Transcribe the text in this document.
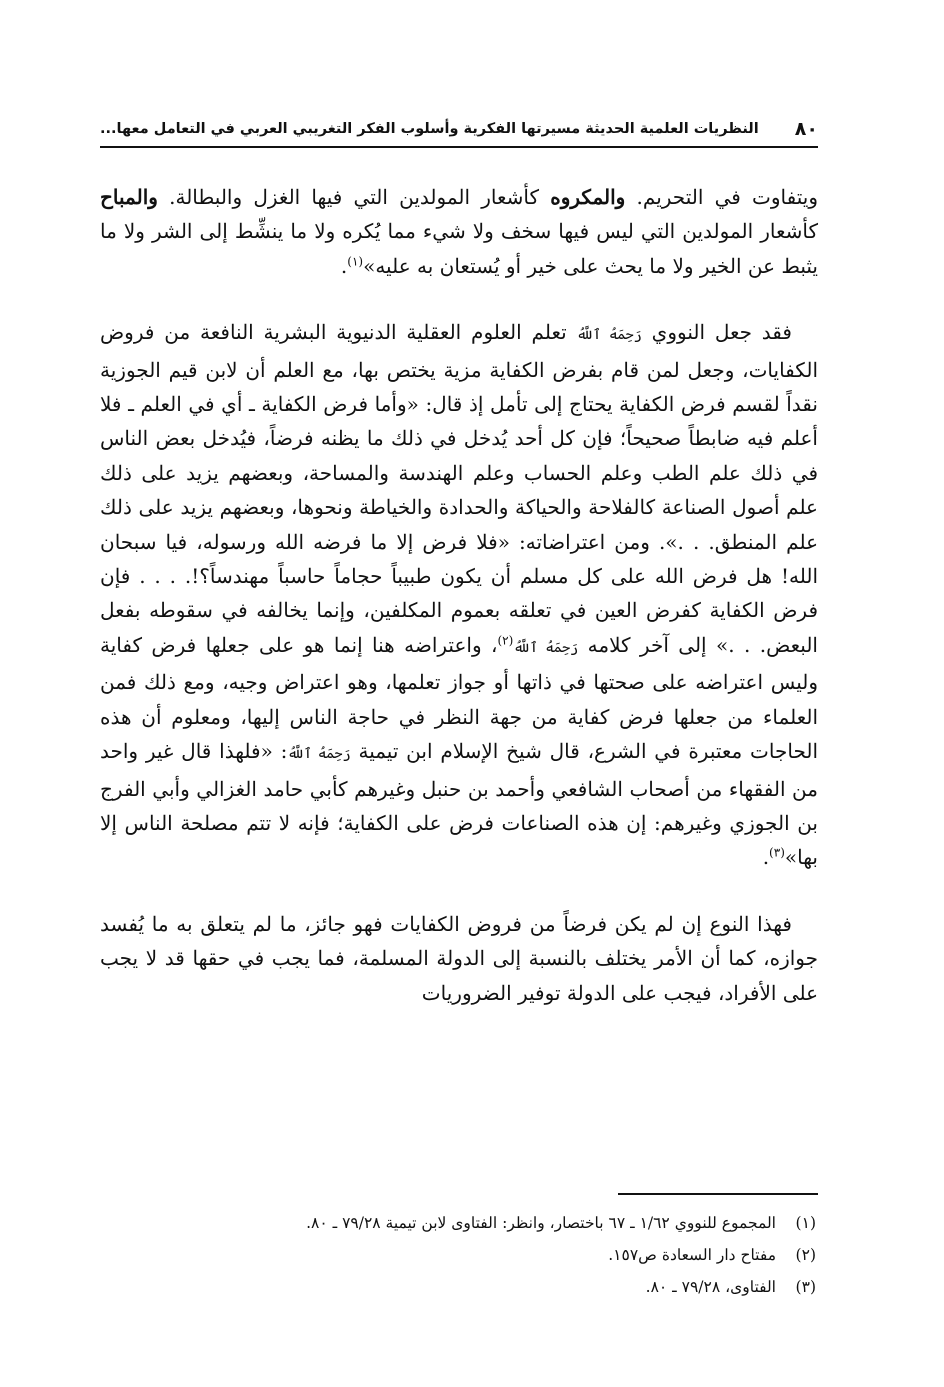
٨٠
النظريات العلمية الحديثة مسيرتها الفكرية وأسلوب الفكر التغريبي العربي في التعامل معها...

ويتفاوت في التحريم. والمكروه كأشعار المولدين التي فيها الغزل والبطالة. والمباح كأشعار المولدين التي ليس فيها سخف ولا شيء مما يُكره ولا ما ينشِّط إلى الشر ولا ما يثبط عن الخير ولا ما يحث على خير أو يُستعان به عليه»$^{(١)}$.

فقد جعل النووي رَحِمَهُ ٱللَّهُ تعلم العلوم العقلية الدنيوية البشرية النافعة من فروض الكفايات، وجعل لمن قام بفرض الكفاية مزية يختص بها، مع العلم أن لابن قيم الجوزية نقداً لقسم فرض الكفاية يحتاج إلى تأمل إذ قال: «وأما فرض الكفاية ـ أي في العلم ـ فلا أعلم فيه ضابطاً صحيحاً؛ فإن كل أحد يُدخل في ذلك ما يظنه فرضاً، فيُدخل بعض الناس في ذلك علم الطب وعلم الحساب وعلم الهندسة والمساحة، وبعضهم يزيد على ذلك علم أصول الصناعة كالفلاحة والحياكة والحدادة والخياطة ونحوها، وبعضهم يزيد على ذلك علم المنطق. . .». ومن اعتراضاته: «فلا فرض إلا ما فرضه الله ورسوله، فيا سبحان الله! هل فرض الله على كل مسلم أن يكون طبيباً حجاماً حاسباً مهندساً؟!. . . . فإن فرض الكفاية كفرض العين في تعلقه بعموم المكلفين، وإنما يخالفه في سقوطه بفعل البعض. . .» إلى آخر كلامه رَحِمَهُ ٱللَّهُ$^{(٢)}$، واعتراضه هنا إنما هو على جعلها فرض كفاية وليس اعتراضه على صحتها في ذاتها أو جواز تعلمها، وهو اعتراض وجيه، ومع ذلك فمن العلماء من جعلها فرض كفاية من جهة النظر في حاجة الناس إليها، ومعلوم أن هذه الحاجات معتبرة في الشرع، قال شيخ الإسلام ابن تيمية رَحِمَهُ ٱللَّهُ: «فلهذا قال غير واحد من الفقهاء من أصحاب الشافعي وأحمد بن حنبل وغيرهم كأبي حامد الغزالي وأبي الفرج بن الجوزي وغيرهم: إن هذه الصناعات فرض على الكفاية؛ فإنه لا تتم مصلحة الناس إلا بها»$^{(٣)}$.

فهذا النوع إن لم يكن فرضاً من فروض الكفايات فهو جائز، ما لم يتعلق به ما يُفسد جوازه، كما أن الأمر يختلف بالنسبة إلى الدولة المسلمة، فما يجب في حقها قد لا يجب على الأفراد، فيجب على الدولة توفير الضروريات

(١)
المجموع للنووي ١/٦٢ ـ ٦٧ باختصار، وانظر: الفتاوى لابن تيمية ٧٩/٢٨ ـ ٨٠.
(٢)
مفتاح دار السعادة ص١٥٧.
(٣)
الفتاوى، ٧٩/٢٨ ـ ٨٠.
